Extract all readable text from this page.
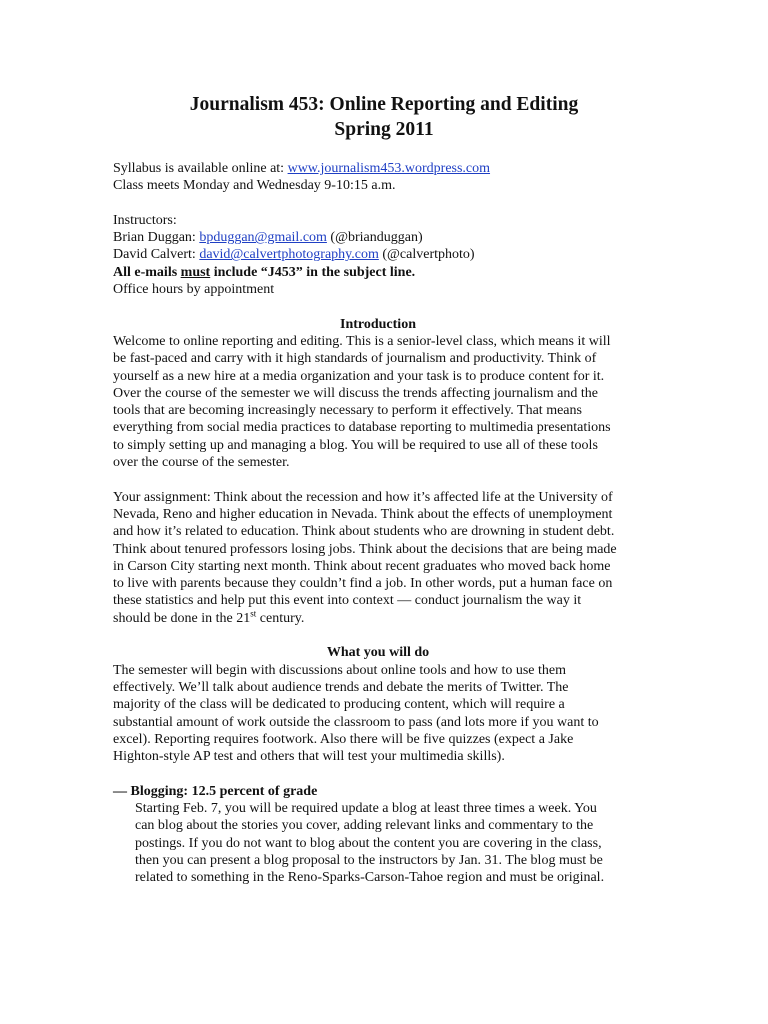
Journalism 453: Online Reporting and Editing
Spring 2011
Syllabus is available online at: www.journalism453.wordpress.com
Class meets Monday and Wednesday 9-10:15 a.m.
Instructors:
Brian Duggan: bpduggan@gmail.com (@brianduggan)
David Calvert: david@calvertphotography.com (@calvertphoto)
All e-mails must include “J453” in the subject line.
Office hours by appointment
Introduction
Welcome to online reporting and editing. This is a senior-level class, which means it will
be fast-paced and carry with it high standards of journalism and productivity. Think of
yourself as a new hire at a media organization and your task is to produce content for it.
Over the course of the semester we will discuss the trends affecting journalism and the
tools that are becoming increasingly necessary to perform it effectively. That means
everything from social media practices to database reporting to multimedia presentations
to simply setting up and managing a blog. You will be required to use all of these tools
over the course of the semester.
Your assignment: Think about the recession and how it’s affected life at the University of
Nevada, Reno and higher education in Nevada. Think about the effects of unemployment
and how it’s related to education. Think about students who are drowning in student debt.
Think about tenured professors losing jobs. Think about the decisions that are being made
in Carson City starting next month. Think about recent graduates who moved back home
to live with parents because they couldn’t find a job. In other words, put a human face on
these statistics and help put this event into context — conduct journalism the way it
should be done in the 21st century.
What you will do
The semester will begin with discussions about online tools and how to use them
effectively. We’ll talk about audience trends and debate the merits of Twitter. The
majority of the class will be dedicated to producing content, which will require a
substantial amount of work outside the classroom to pass (and lots more if you want to
excel). Reporting requires footwork. Also there will be five quizzes (expect a Jake
Highton-style AP test and others that will test your multimedia skills).
— Blogging: 12.5 percent of grade
Starting Feb. 7, you will be required update a blog at least three times a week. You
can blog about the stories you cover, adding relevant links and commentary to the
postings. If you do not want to blog about the content you are covering in the class,
then you can present a blog proposal to the instructors by Jan. 31. The blog must be
related to something in the Reno-Sparks-Carson-Tahoe region and must be original.
